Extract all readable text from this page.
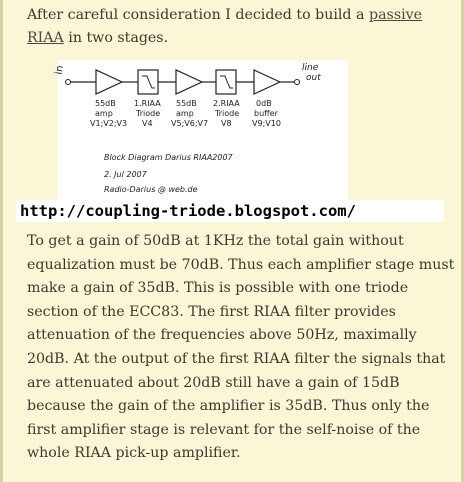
After careful consideration I decided to build a passive RIAA in two stages.

in	line
out
55dB
amp
V1;V2;V3
1.RIAA
Triode
V4
55dB
amp
V5;V6;V7
2.RIAA
Triode
V8
0dB
buffer
V9;V10
Block Diagram Darius RIAA2007
2. Jul 2007
Radio-Darius @ web.de
http://coupling-triode.blogspot.com/

To get a gain of 50dB at 1KHz the total gain without equalization must be 70dB. Thus each amplifier stage must make a gain of 35dB. This is possible with one triode section of the ECC83. The first RIAA filter provides attenuation of the frequencies above 50Hz, maximally 20dB. At the output of the first RIAA filter the signals that are attenuated about 20dB still have a gain of 15dB because the gain of the amplifier is 35dB. Thus only the first amplifier stage is relevant for the self-noise of the whole RIAA pick-up amplifier.
